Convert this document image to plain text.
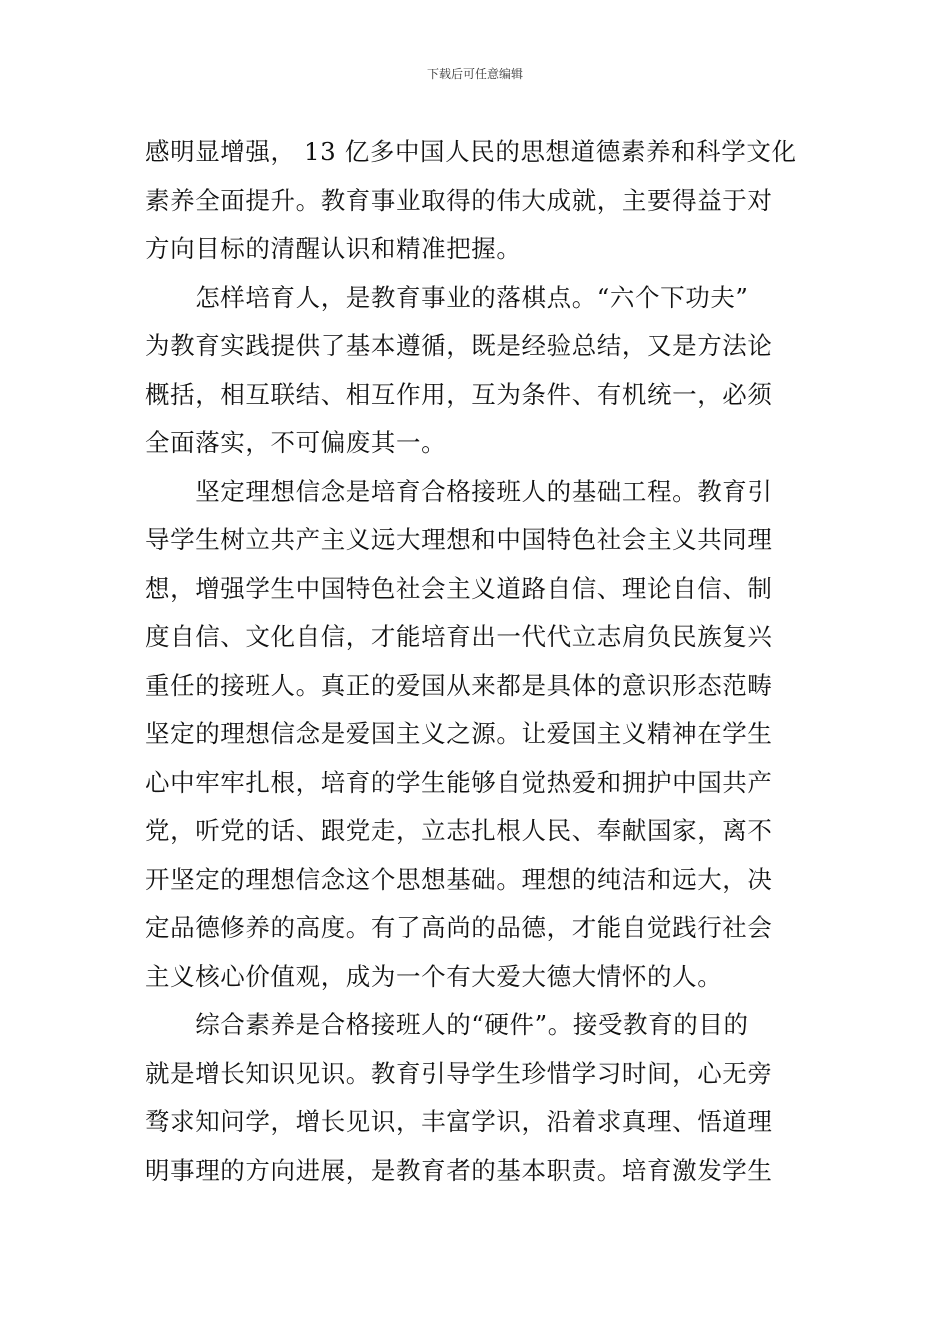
下载后可任意编辑
感明显增强， 13 亿多中国人民的思想道德素养和科学文化
素养全面提升。教育事业取得的伟大成就，主要得益于对
方向目标的清醒认识和精准把握。
　　怎样培育人，是教育事业的落棋点。“六个下功夫”
为教育实践提供了基本遵循，既是经验总结，又是方法论
概括，相互联结、相互作用，互为条件、有机统一，必须
全面落实，不可偏废其一。
　　坚定理想信念是培育合格接班人的基础工程。教育引
导学生树立共产主义远大理想和中国特色社会主义共同理
想，增强学生中国特色社会主义道路自信、理论自信、制
度自信、文化自信，才能培育出一代代立志肩负民族复兴
重任的接班人。真正的爱国从来都是具体的意识形态范畴
坚定的理想信念是爱国主义之源。让爱国主义精神在学生
心中牢牢扎根，培育的学生能够自觉热爱和拥护中国共产
党，听党的话、跟党走，立志扎根人民、奉献国家，离不
开坚定的理想信念这个思想基础。理想的纯洁和远大，决
定品德修养的高度。有了高尚的品德，才能自觉践行社会
主义核心价值观，成为一个有大爱大德大情怀的人。
　　综合素养是合格接班人的“硬件”。接受教育的目的
就是增长知识见识。教育引导学生珍惜学习时间，心无旁
骛求知问学，增长见识，丰富学识，沿着求真理、悟道理
明事理的方向进展，是教育者的基本职责。培育激发学生
